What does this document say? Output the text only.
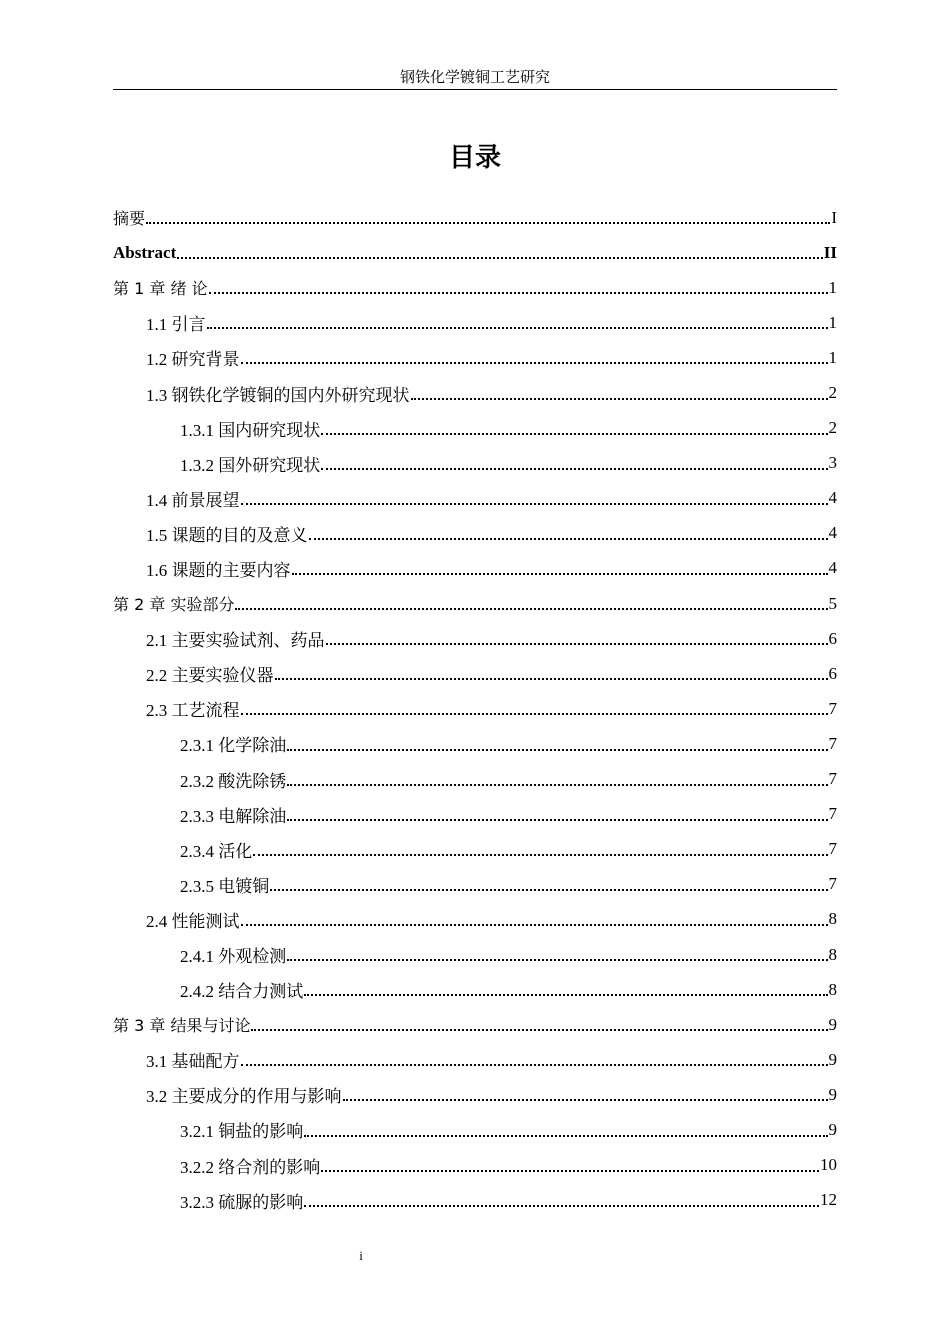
钢铁化学镀铜工艺研究
目录
摘要	I
Abstract	II
第 1 章 绪 论	1
1.1 引言	1
1.2 研究背景	1
1.3 钢铁化学镀铜的国内外研究现状	2
1.3.1 国内研究现状	2
1.3.2 国外研究现状	3
1.4 前景展望	4
1.5 课题的目的及意义	4
1.6 课题的主要内容	4
第 2 章 实验部分	5
2.1 主要实验试剂、药品	6
2.2 主要实验仪器	6
2.3 工艺流程	7
2.3.1 化学除油	7
2.3.2 酸洗除锈	7
2.3.3 电解除油	7
2.3.4 活化	7
2.3.5 电镀铜	7
2.4 性能测试	8
2.4.1 外观检测	8
2.4.2 结合力测试	8
第 3 章 结果与讨论	9
3.1 基础配方	9
3.2 主要成分的作用与影响	9
3.2.1 铜盐的影响	9
3.2.2 络合剂的影响	10
3.2.3 硫脲的影响	12
i
